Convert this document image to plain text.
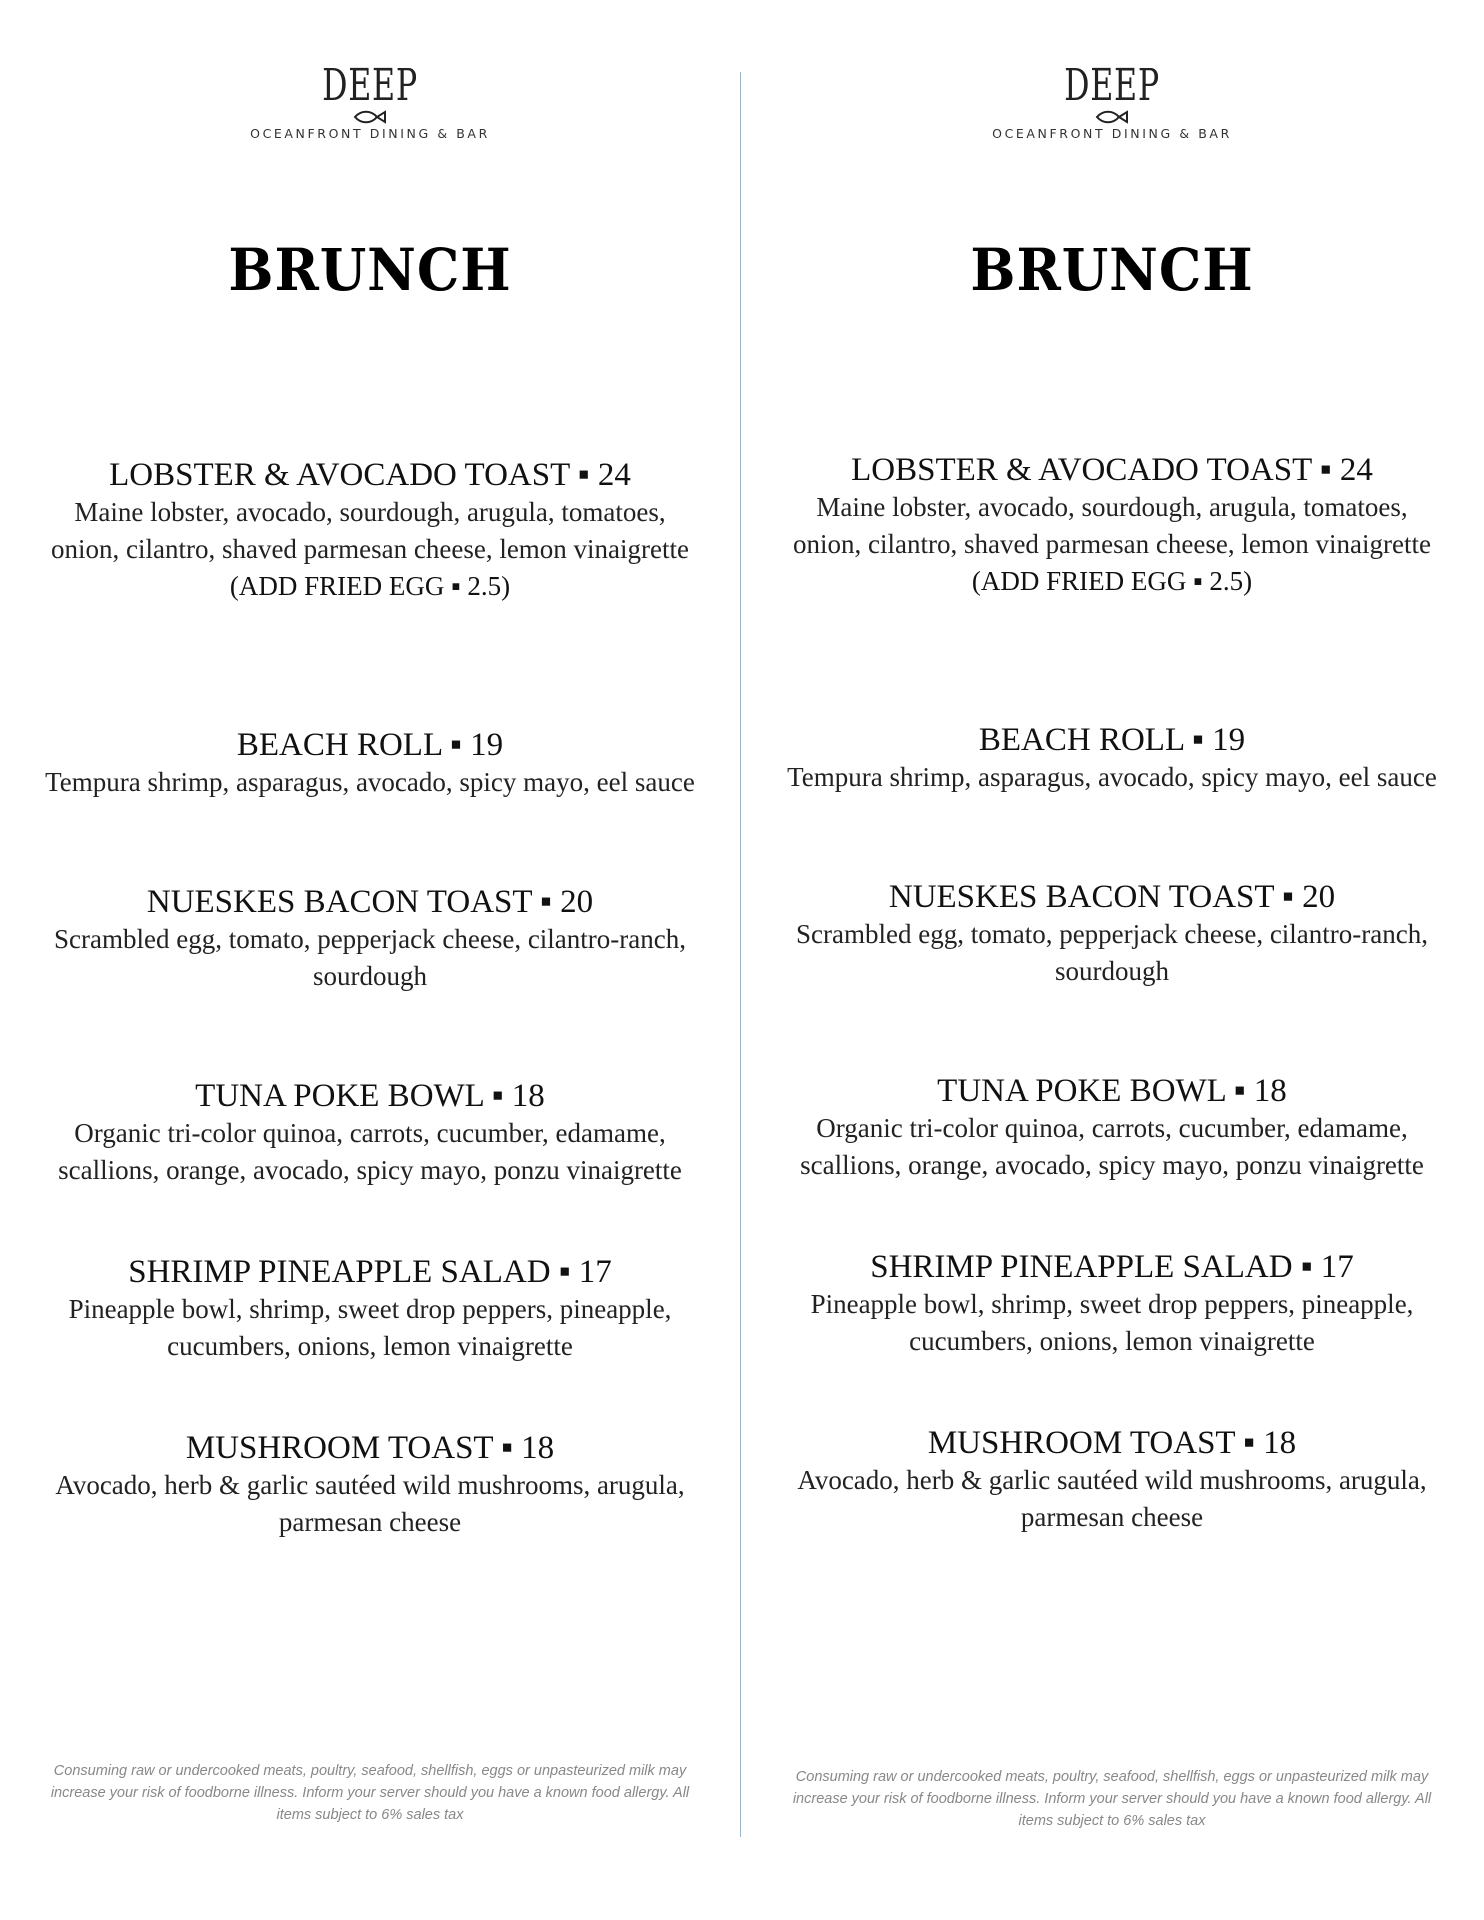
DEEP
OCEANFRONT DINING & BAR
BRUNCH
LOBSTER & AVOCADO TOAST ▪ 24
Maine lobster, avocado, sourdough, arugula, tomatoes, onion, cilantro, shaved parmesan cheese, lemon vinaigrette
(ADD FRIED EGG ▪ 2.5)
BEACH ROLL ▪ 19
Tempura shrimp, asparagus, avocado, spicy mayo, eel sauce
NUESKES BACON TOAST ▪ 20
Scrambled egg, tomato, pepperjack cheese, cilantro-ranch, sourdough
TUNA POKE BOWL ▪ 18
Organic tri-color quinoa, carrots, cucumber, edamame, scallions, orange, avocado, spicy mayo, ponzu vinaigrette
SHRIMP PINEAPPLE SALAD ▪ 17
Pineapple bowl, shrimp, sweet drop peppers, pineapple, cucumbers, onions, lemon vinaigrette
MUSHROOM TOAST ▪ 18
Avocado, herb & garlic sautéed wild mushrooms, arugula, parmesan cheese
Consuming raw or undercooked meats, poultry, seafood, shellfish, eggs or unpasteurized milk may increase your risk of foodborne illness. Inform your server should you have a known food allergy. All items subject to 6% sales tax
DEEP
OCEANFRONT DINING & BAR
BRUNCH
LOBSTER & AVOCADO TOAST ▪ 24
Maine lobster, avocado, sourdough, arugula, tomatoes, onion, cilantro, shaved parmesan cheese, lemon vinaigrette
(ADD FRIED EGG ▪ 2.5)
BEACH ROLL ▪ 19
Tempura shrimp, asparagus, avocado, spicy mayo, eel sauce
NUESKES BACON TOAST ▪ 20
Scrambled egg, tomato, pepperjack cheese, cilantro-ranch, sourdough
TUNA POKE BOWL ▪ 18
Organic tri-color quinoa, carrots, cucumber, edamame, scallions, orange, avocado, spicy mayo, ponzu vinaigrette
SHRIMP PINEAPPLE SALAD ▪ 17
Pineapple bowl, shrimp, sweet drop peppers, pineapple, cucumbers, onions, lemon vinaigrette
MUSHROOM TOAST ▪ 18
Avocado, herb & garlic sautéed wild mushrooms, arugula, parmesan cheese
Consuming raw or undercooked meats, poultry, seafood, shellfish, eggs or unpasteurized milk may increase your risk of foodborne illness. Inform your server should you have a known food allergy. All items subject to 6% sales tax
